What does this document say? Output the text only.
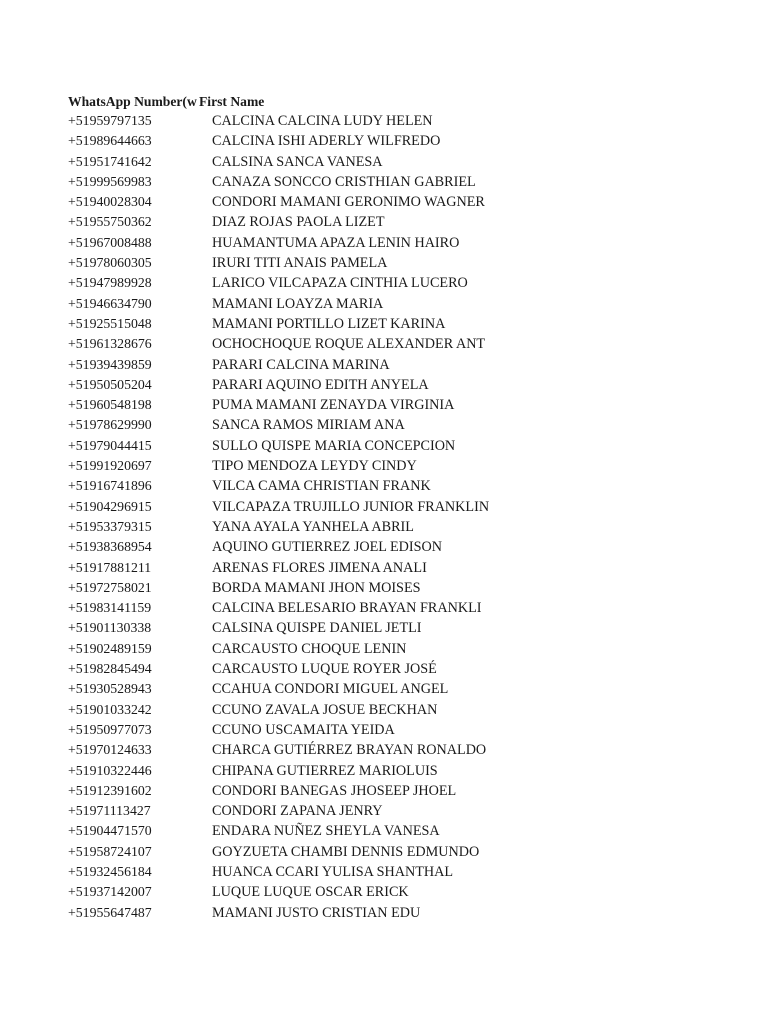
WhatsApp Number(w First Name
+51959797135	CALCINA CALCINA LUDY HELEN
+51989644663	CALCINA ISHI ADERLY WILFREDO
+51951741642	CALSINA SANCA VANESA
+51999569983	CANAZA SONCCO CRISTHIAN GABRIEL
+51940028304	CONDORI MAMANI GERONIMO WAGNER
+51955750362	DIAZ ROJAS PAOLA LIZET
+51967008488	HUAMANTUMA APAZA LENIN HAIRO
+51978060305	IRURI TITI ANAIS PAMELA
+51947989928	LARICO VILCAPAZA CINTHIA LUCERO
+51946634790	MAMANI LOAYZA MARIA
+51925515048	MAMANI PORTILLO LIZET KARINA
+51961328676	OCHOCHOQUE ROQUE ALEXANDER ANT
+51939439859	PARARI CALCINA MARINA
+51950505204	PARARI AQUINO EDITH ANYELA
+51960548198	PUMA MAMANI ZENAYDA VIRGINIA
+51978629990	SANCA RAMOS MIRIAM ANA
+51979044415	SULLO QUISPE MARIA CONCEPCION
+51991920697	TIPO MENDOZA LEYDY CINDY
+51916741896	VILCA CAMA CHRISTIAN FRANK
+51904296915	VILCAPAZA TRUJILLO JUNIOR FRANKLIN
+51953379315	YANA AYALA YANHELA ABRIL
+51938368954	AQUINO GUTIERREZ JOEL EDISON
+51917881211	ARENAS FLORES JIMENA ANALI
+51972758021	BORDA MAMANI JHON MOISES
+51983141159	CALCINA BELESARIO BRAYAN FRANKLI
+51901130338	CALSINA QUISPE DANIEL JETLI
+51902489159	CARCAUSTO CHOQUE LENIN
+51982845494	CARCAUSTO LUQUE ROYER JOSÉ
+51930528943	CCAHUA CONDORI MIGUEL ANGEL
+51901033242	CCUNO ZAVALA JOSUE BECKHAN
+51950977073	CCUNO USCAMAITA YEIDA
+51970124633	CHARCA GUTIÉRREZ BRAYAN RONALDO
+51910322446	CHIPANA GUTIERREZ MARIOLUIS
+51912391602	CONDORI BANEGAS JHOSEEP JHOEL
+51971113427	CONDORI ZAPANA JENRY
+51904471570	ENDARA NUÑEZ SHEYLA VANESA
+51958724107	GOYZUETA CHAMBI DENNIS EDMUNDO
+51932456184	HUANCA CCARI YULISA SHANTHAL
+51937142007	LUQUE LUQUE OSCAR ERICK
+51955647487	MAMANI JUSTO CRISTIAN EDU
